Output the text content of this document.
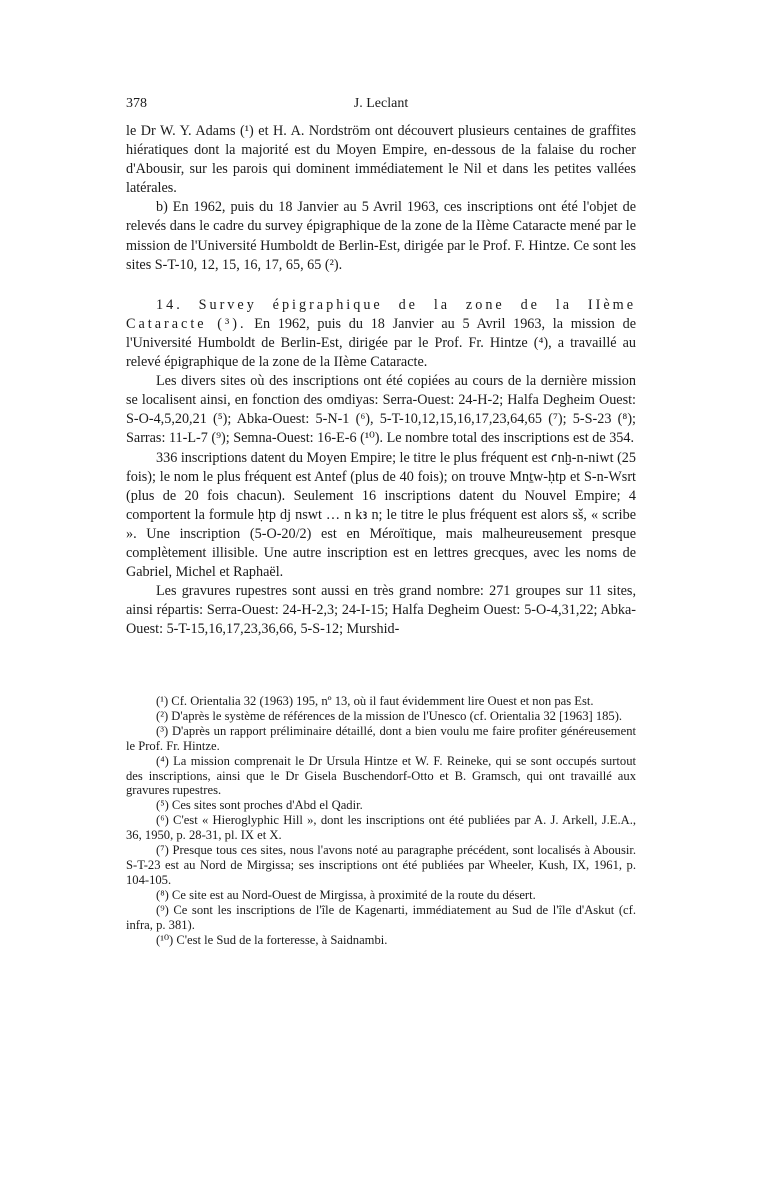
378	J. Leclant

le Dr W. Y. Adams (¹) et H. A. Nordström ont découvert plusieurs centaines de graffites hiératiques dont la majorité est du Moyen Empire, en-dessous de la falaise du rocher d'Abousir, sur les parois qui dominent immédiatement le Nil et dans les petites vallées latérales.

b) En 1962, puis du 18 Janvier au 5 Avril 1963, ces inscriptions ont été l'objet de relevés dans le cadre du survey épigraphique de la zone de la IIème Cataracte mené par le mission de l'Université Humboldt de Berlin-Est, dirigée par le Prof. F. Hintze. Ce sont les sites S-T-10, 12, 15, 16, 17, 65, 65 (²).

14. Survey épigraphique de la zone de la IIème Cataracte (³). En 1962, puis du 18 Janvier au 5 Avril 1963, la mission de l'Université Humboldt de Berlin-Est, dirigée par le Prof. Fr. Hintze (⁴), a travaillé au relevé épigraphique de la zone de la IIème Cataracte.

Les divers sites où des inscriptions ont été copiées au cours de la dernière mission se localisent ainsi, en fonction des omdiyas: Serra-Ouest: 24-H-2; Halfa Degheim Ouest: S-O-4,5,20,21 (⁵); Abka-Ouest: 5-N-1 (⁶), 5-T-10,12,15,16,17,23,64,65 (⁷); 5-S-23 (⁸); Sarras: 11-L-7 (⁹); Semna-Ouest: 16-E-6 (¹⁰). Le nombre total des inscriptions est de 354.

336 inscriptions datent du Moyen Empire; le titre le plus fréquent est ꜥnḫ-n-niwt (25 fois); le nom le plus fréquent est Antef (plus de 40 fois); on trouve Mnṯw-ḥtp et S-n-Wsrt (plus de 20 fois chacun). Seulement 16 inscriptions datent du Nouvel Empire; 4 comportent la formule ḥtp dj nswt … n kꜣ n; le titre le plus fréquent est alors sš, « scribe ». Une inscription (5-O-20/2) est en Méroïtique, mais malheureusement presque complètement illisible. Une autre inscription est en lettres grecques, avec les noms de Gabriel, Michel et Raphaël.

Les gravures rupestres sont aussi en très grand nombre: 271 groupes sur 11 sites, ainsi répartis: Serra-Ouest: 24-H-2,3; 24-I-15; Halfa Degheim Ouest: 5-O-4,31,22; Abka-Ouest: 5-T-15,16,17,23,36,66, 5-S-12; Murshid-

(¹) Cf. Orientalia 32 (1963) 195, nº 13, où il faut évidemment lire Ouest et non pas Est.

(²) D'après le système de références de la mission de l'Unesco (cf. Orientalia 32 [1963] 185).

(³) D'après un rapport préliminaire détaillé, dont a bien voulu me faire profiter généreusement le Prof. Fr. Hintze.

(⁴) La mission comprenait le Dr Ursula Hintze et W. F. Reineke, qui se sont occupés surtout des inscriptions, ainsi que le Dr Gisela Buschendorf-Otto et B. Gramsch, qui ont travaillé aux gravures rupestres.

(⁵) Ces sites sont proches d'Abd el Qadir.

(⁶) C'est « Hieroglyphic Hill », dont les inscriptions ont été publiées par A. J. Arkell, J.E.A., 36, 1950, p. 28-31, pl. IX et X.

(⁷) Presque tous ces sites, nous l'avons noté au paragraphe précédent, sont localisés à Abousir. S-T-23 est au Nord de Mirgissa; ses inscriptions ont été publiées par Wheeler, Kush, IX, 1961, p. 104-105.

(⁸) Ce site est au Nord-Ouest de Mirgissa, à proximité de la route du désert.

(⁹) Ce sont les inscriptions de l'île de Kagenarti, immédiatement au Sud de l'île d'Askut (cf. infra, p. 381).

(¹⁰) C'est le Sud de la forteresse, à Saidnambi.
